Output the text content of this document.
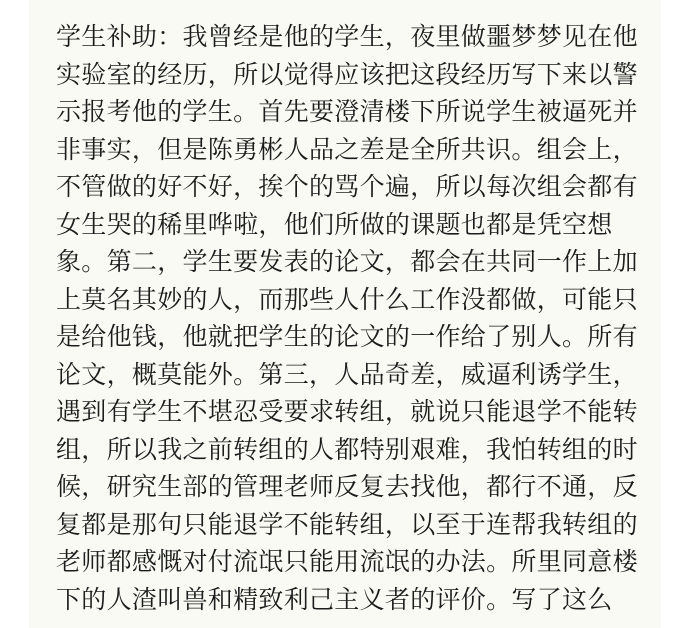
学生补助：我曾经是他的学生，夜里做噩梦梦见在他
实验室的经历，所以觉得应该把这段经历写下来以警
示报考他的学生。首先要澄清楼下所说学生被逼死并
非事实，但是陈勇彬人品之差是全所共识。组会上，
不管做的好不好，挨个的骂个遍，所以每次组会都有
女生哭的稀里哗啦，他们所做的课题也都是凭空想
象。第二，学生要发表的论文，都会在共同一作上加
上莫名其妙的人，而那些人什么工作没都做，可能只
是给他钱，他就把学生的论文的一作给了别人。所有
论文，概莫能外。第三，人品奇差，威逼利诱学生，
遇到有学生不堪忍受要求转组，就说只能退学不能转
组，所以我之前转组的人都特别艰难，我怕转组的时
候，研究生部的管理老师反复去找他，都行不通，反
复都是那句只能退学不能转组，以至于连帮我转组的
老师都感慨对付流氓只能用流氓的办法。所里同意楼
下的人渣叫兽和精致利己主义者的评价。写了这么
